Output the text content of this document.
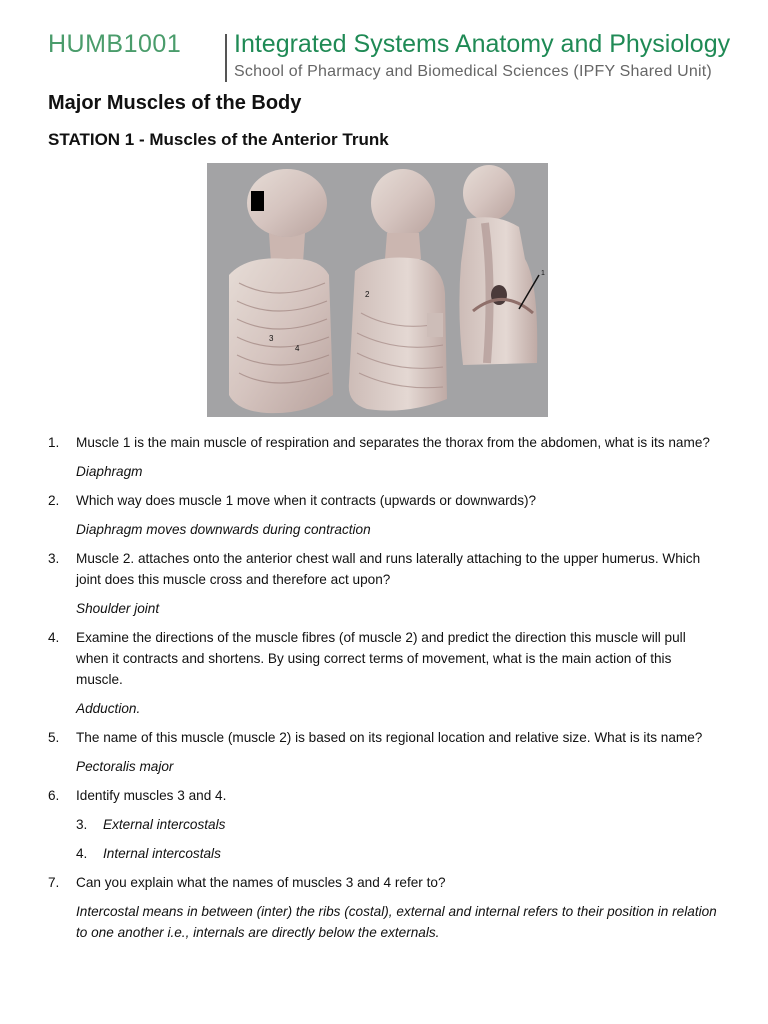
HUMB1001 Integrated Systems Anatomy and Physiology
School of Pharmacy and Biomedical Sciences (IPFY Shared Unit)
Major Muscles of the Body
STATION 1 - Muscles of the Anterior Trunk
1
2
3
4

1. Muscle 1 is the main muscle of respiration and separates the thorax from the abdomen, what is its name?

Diaphragm

2. Which way does muscle 1 move when it contracts (upwards or downwards)?

Diaphragm moves downwards during contraction

3. Muscle 2. attaches onto the anterior chest wall and runs laterally attaching to the upper humerus. Which joint does this muscle cross and therefore act upon?

Shoulder joint

4. Examine the directions of the muscle fibres (of muscle 2) and predict the direction this muscle will pull when it contracts and shortens. By using correct terms of movement, what is the main action of this muscle.

Adduction.

5. The name of this muscle (muscle 2) is based on its regional location and relative size. What is its name?

Pectoralis major

6. Identify muscles 3 and 4.

3. External intercostals

4. Internal intercostals

7. Can you explain what the names of muscles 3 and 4 refer to?

Intercostal means in between (inter) the ribs (costal), external and internal refers to their position in relation to one another i.e., internals are directly below the externals.
